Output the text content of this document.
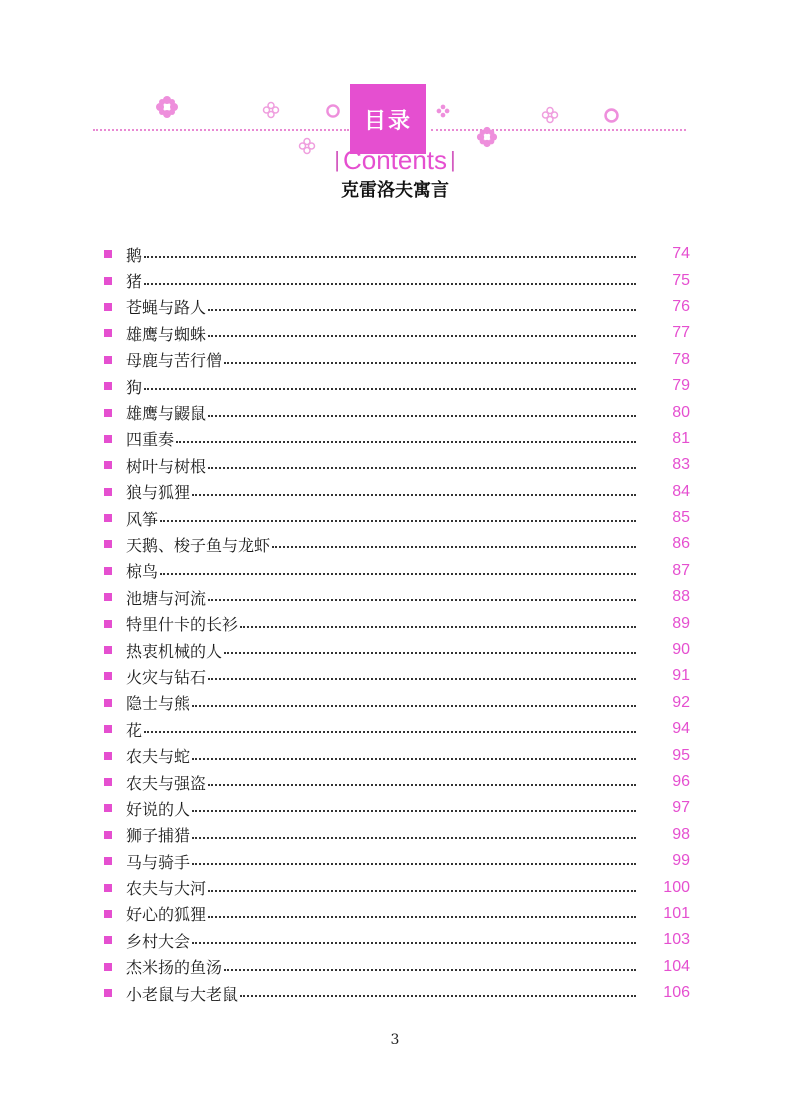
目录
| Contents |
克雷洛夫寓言
鹅	74
猪	75
苍蝇与路人	76
雄鹰与蜘蛛	77
母鹿与苦行僧	78
狗	79
雄鹰与鼹鼠	80
四重奏	81
树叶与树根	83
狼与狐狸	84
风筝	85
天鹅、梭子鱼与龙虾	86
椋鸟	87
池塘与河流	88
特里什卡的长衫	89
热衷机械的人	90
火灾与钻石	91
隐士与熊	92
花	94
农夫与蛇	95
农夫与强盗	96
好说的人	97
狮子捕猎	98
马与骑手	99
农夫与大河	100
好心的狐狸	101
乡村大会	103
杰米扬的鱼汤	104
小老鼠与大老鼠	106
3
